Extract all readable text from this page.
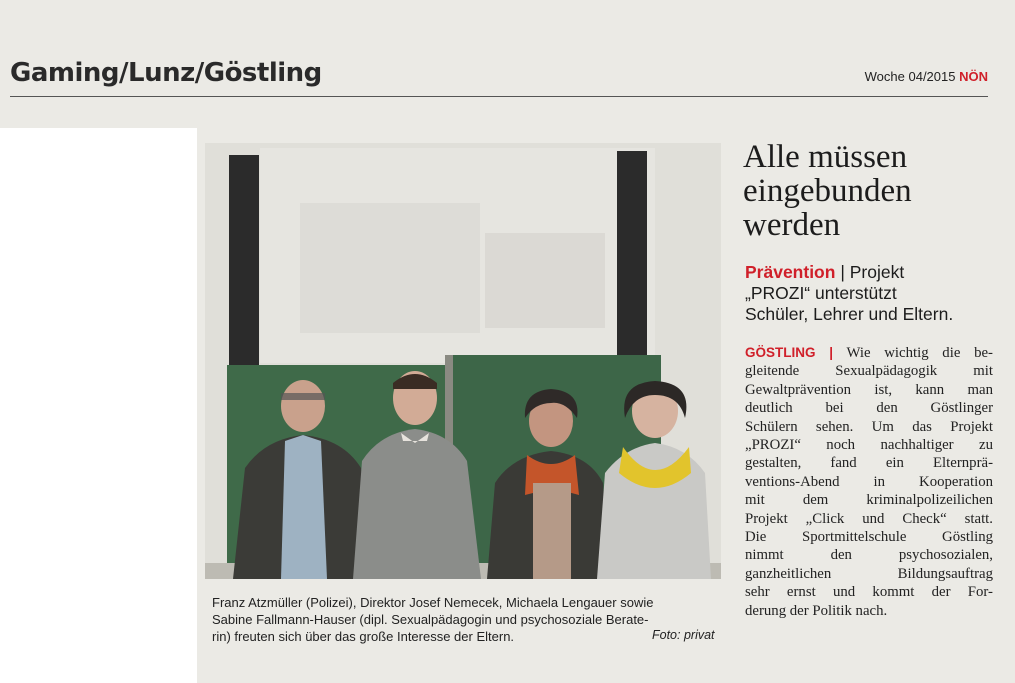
Gaming/Lunz/Göstling	Woche 04/2015 NÖN
Franz Atzmüller (Polizei), Direktor Josef Nemecek, Michaela Lengauer sowie
Sabine Fallmann-Hauser (dipl. Sexualpädagogin und psychosoziale Berate-
rin) freuten sich über das große Interesse der Eltern.	Foto: privat
Alle müssen
eingebunden
werden
Prävention | Projekt
„PROZI“ unterstützt
Schüler, Lehrer und Eltern.
GÖSTLING | Wie wichtig die be-
gleitende Sexualpädagogik mit
Gewaltprävention ist, kann man
deutlich bei den Göstlinger
Schülern sehen. Um das Projekt
„PROZI“ noch nachhaltiger zu
gestalten, fand ein Elternprä-
ventions-Abend in Kooperation
mit dem kriminalpolizeilichen
Projekt „Click und Check“ statt.
Die Sportmittelschule Göstling
nimmt den psychosozialen,
ganzheitlichen Bildungsauftrag
sehr ernst und kommt der For-
derung der Politik nach.
